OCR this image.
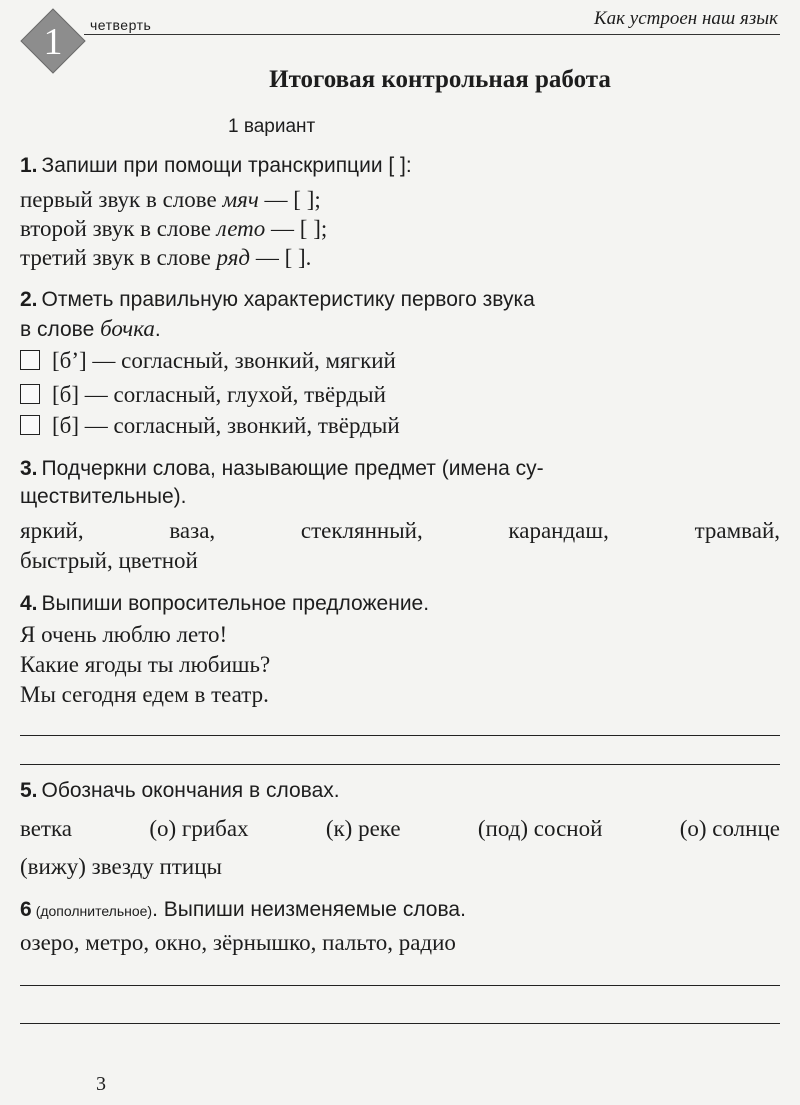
1 четверть	Как устроен наш язык
Итоговая контрольная работа
1 вариант
1. Запиши при помощи транскрипции [ ]:
первый звук в слове мяч — [ ];
второй звук в слове лето — [ ];
третий звук в слове ряд — [ ].
2. Отметь правильную характеристику первого звука
в слове бочка.
[б’] — согласный, звонкий, мягкий
[б] — согласный, глухой, твёрдый
[б] — согласный, звонкий, твёрдый
3. Подчеркни слова, называющие предмет (имена су-
ществительные).
яркий,	ваза,	стеклянный,	карандаш,	трамвай,
быстрый, цветной
4. Выпиши вопросительное предложение.
Я очень люблю лето!
Какие ягоды ты любишь?
Мы сегодня едем в театр.
5. Обозначь окончания в словах.
ветка	(о) грибах	(к) реке	(под) сосной	(о) солнце
(вижу) звезду птицы
6 (дополнительное). Выпиши неизменяемые слова.
озеро, метро, окно, зёрнышко, пальто, радио
3
